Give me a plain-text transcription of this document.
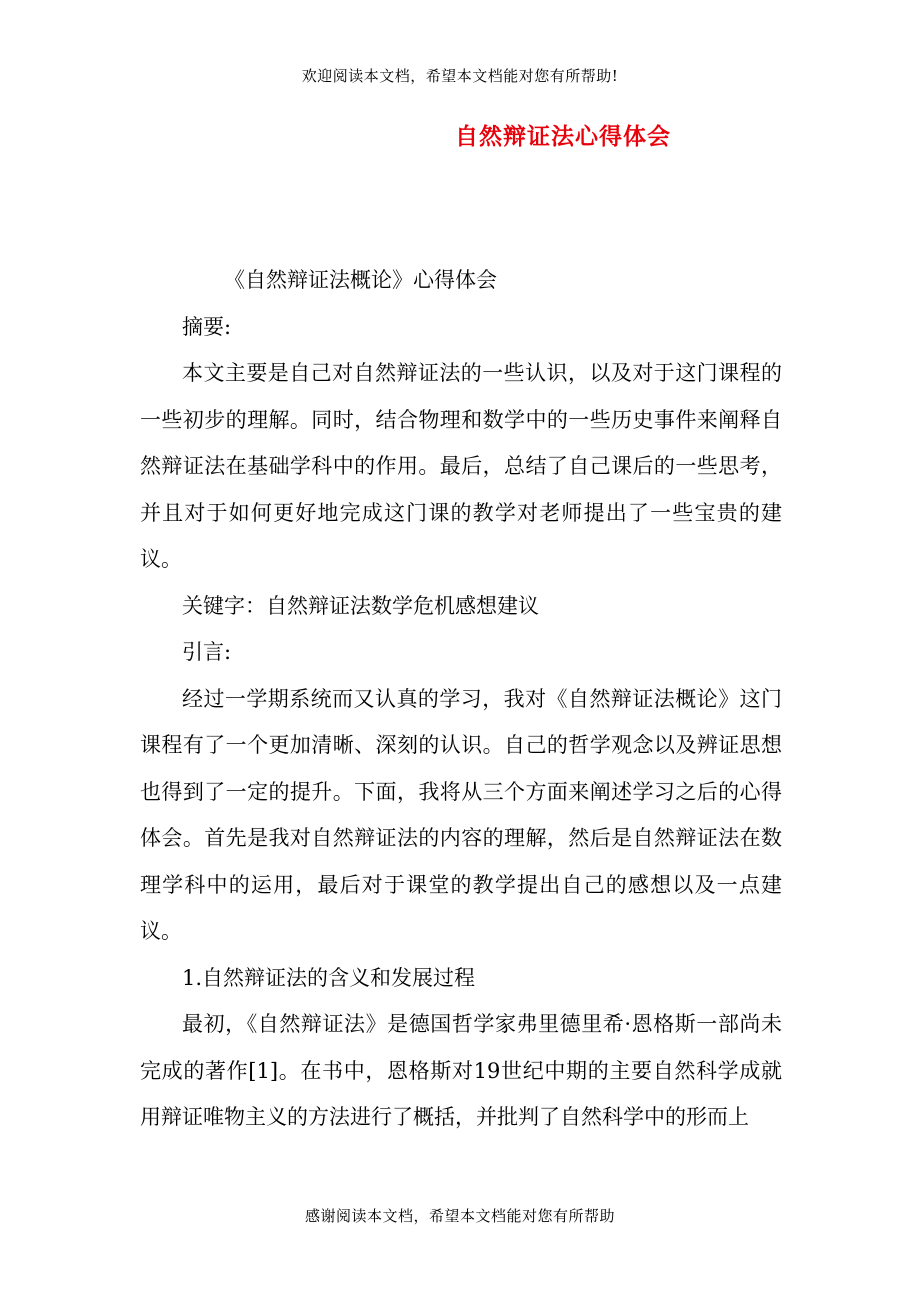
欢迎阅读本文档，希望本文档能对您有所帮助!
自然辩证法心得体会

《自然辩证法概论》心得体会

摘要:

本文主要是自己对自然辩证法的一些认识，以及对于这门课程的一些初步的理解。同时，结合物理和数学中的一些历史事件来阐释自然辩证法在基础学科中的作用。最后，总结了自己课后的一些思考，并且对于如何更好地完成这门课的教学对老师提出了一些宝贵的建议。

关键字：自然辩证法数学危机感想建议

引言:

经过一学期系统而又认真的学习，我对《自然辩证法概论》这门课程有了一个更加清晰、深刻的认识。自己的哲学观念以及辨证思想也得到了一定的提升。下面，我将从三个方面来阐述学习之后的心得体会。首先是我对自然辩证法的内容的理解，然后是自然辩证法在数理学科中的运用，最后对于课堂的教学提出自己的感想以及一点建议。

1.自然辩证法的含义和发展过程

最初，《自然辩证法》是德国哲学家弗里德里希·恩格斯一部尚未完成的著作[1]。在书中，恩格斯对19世纪中期的主要自然科学成就用辩证唯物主义的方法进行了概括，并批判了自然科学中的形而上

感谢阅读本文档，希望本文档能对您有所帮助
